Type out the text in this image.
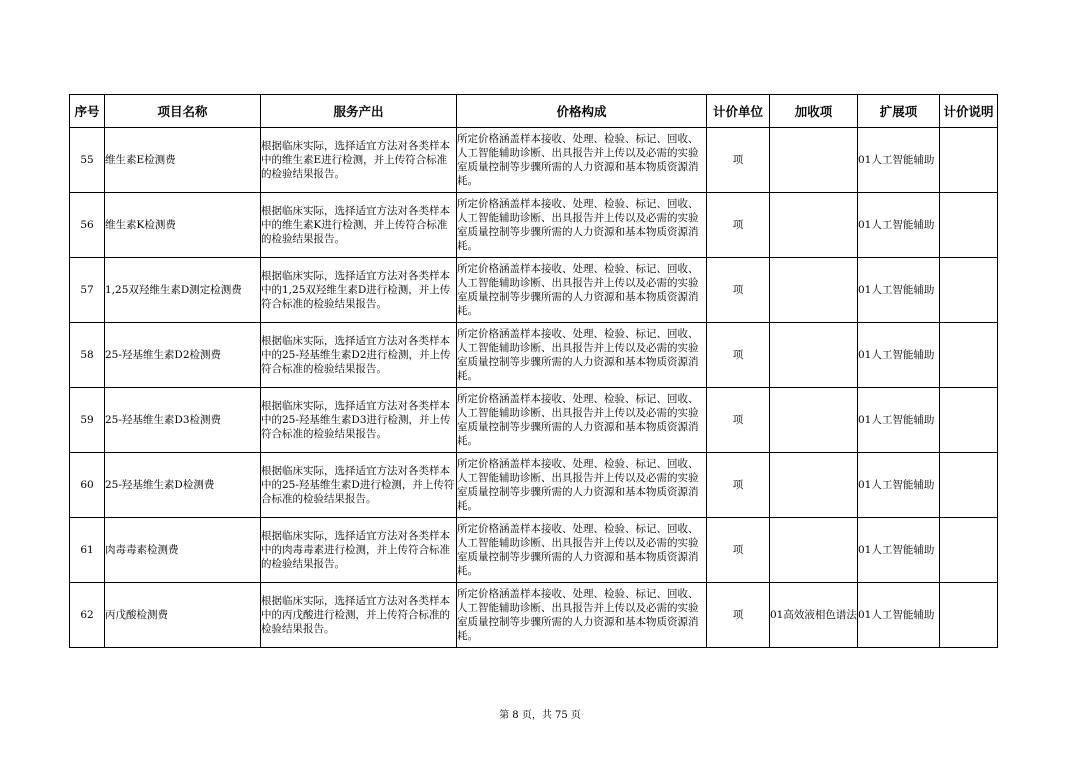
序号	项目名称	服务产出	价格构成	计价单位	加收项	扩展项	计价说明
55	维生素E检测费	根据临床实际，选择适宜方法对各类样本中的维生素E进行检测，并上传符合标准的检验结果报告。	所定价格涵盖样本接收、处理、检验、标记、回收、人工智能辅助诊断、出具报告并上传以及必需的实验室质量控制等步骤所需的人力资源和基本物质资源消耗。	项		01人工智能辅助	
56	维生素K检测费	根据临床实际，选择适宜方法对各类样本中的维生素K进行检测，并上传符合标准的检验结果报告。	所定价格涵盖样本接收、处理、检验、标记、回收、人工智能辅助诊断、出具报告并上传以及必需的实验室质量控制等步骤所需的人力资源和基本物质资源消耗。	项		01人工智能辅助	
57	1,25双羟维生素D测定检测费	根据临床实际，选择适宜方法对各类样本中的1,25双羟维生素D进行检测，并上传符合标准的检验结果报告。	所定价格涵盖样本接收、处理、检验、标记、回收、人工智能辅助诊断、出具报告并上传以及必需的实验室质量控制等步骤所需的人力资源和基本物质资源消耗。	项		01人工智能辅助	
58	25-羟基维生素D2检测费	根据临床实际，选择适宜方法对各类样本中的25-羟基维生素D2进行检测，并上传符合标准的检验结果报告。	所定价格涵盖样本接收、处理、检验、标记、回收、人工智能辅助诊断、出具报告并上传以及必需的实验室质量控制等步骤所需的人力资源和基本物质资源消耗。	项		01人工智能辅助	
59	25-羟基维生素D3检测费	根据临床实际，选择适宜方法对各类样本中的25-羟基维生素D3进行检测，并上传符合标准的检验结果报告。	所定价格涵盖样本接收、处理、检验、标记、回收、人工智能辅助诊断、出具报告并上传以及必需的实验室质量控制等步骤所需的人力资源和基本物质资源消耗。	项		01人工智能辅助	
60	25-羟基维生素D检测费	根据临床实际，选择适宜方法对各类样本中的25-羟基维生素D进行检测，并上传符合标准的检验结果报告。	所定价格涵盖样本接收、处理、检验、标记、回收、人工智能辅助诊断、出具报告并上传以及必需的实验室质量控制等步骤所需的人力资源和基本物质资源消耗。	项		01人工智能辅助	
61	肉毒毒素检测费	根据临床实际，选择适宜方法对各类样本中的肉毒毒素进行检测，并上传符合标准的检验结果报告。	所定价格涵盖样本接收、处理、检验、标记、回收、人工智能辅助诊断、出具报告并上传以及必需的实验室质量控制等步骤所需的人力资源和基本物质资源消耗。	项		01人工智能辅助	
62	丙戊酸检测费	根据临床实际，选择适宜方法对各类样本中的丙戊酸进行检测，并上传符合标准的检验结果报告。	所定价格涵盖样本接收、处理、检验、标记、回收、人工智能辅助诊断、出具报告并上传以及必需的实验室质量控制等步骤所需的人力资源和基本物质资源消耗。	项	01高效液相色谱法	01人工智能辅助	
第 8 页，共 75 页
